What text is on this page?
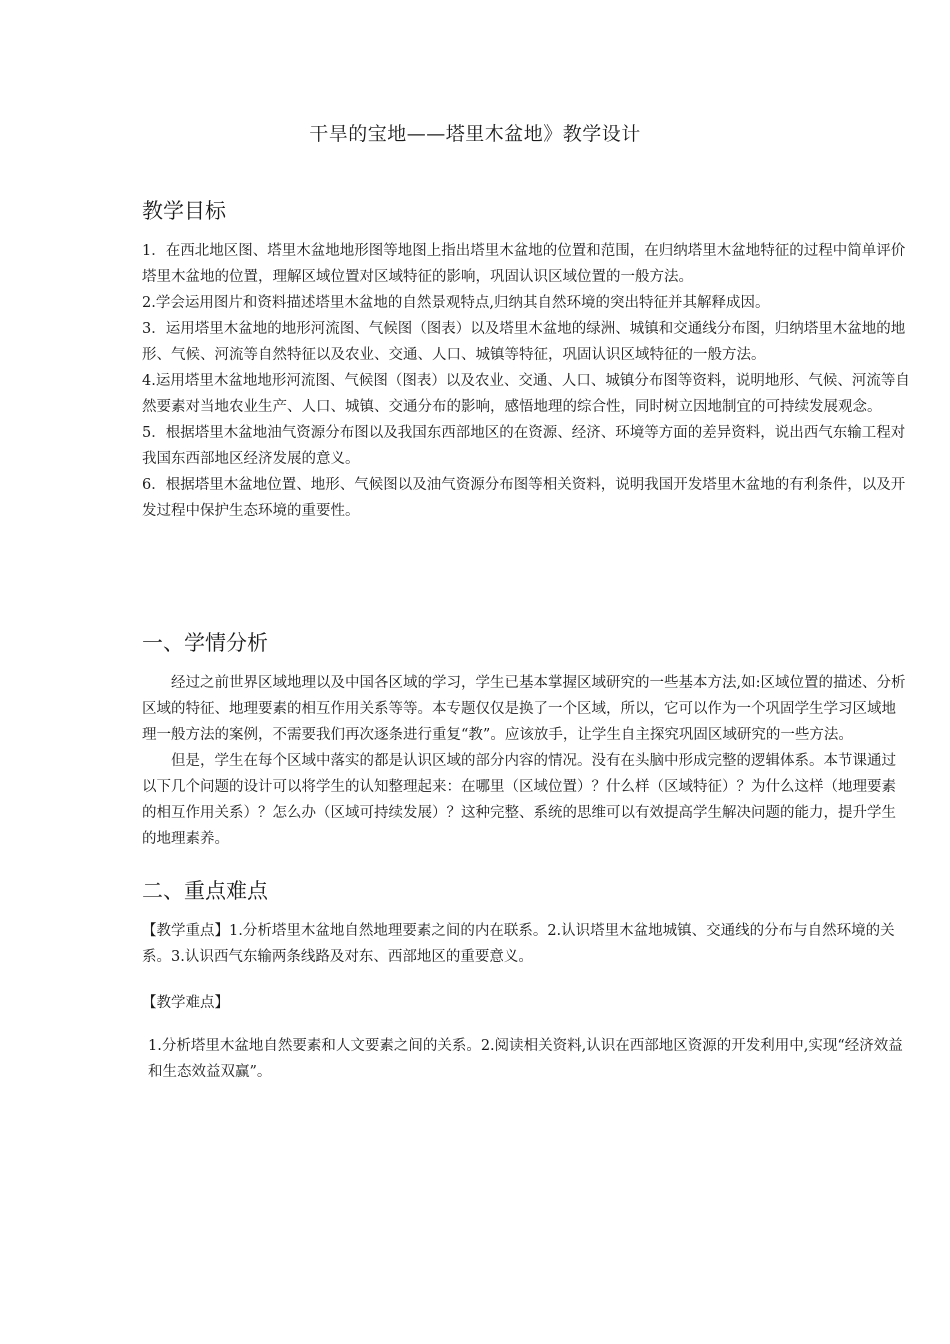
干旱的宝地——塔里木盆地》教学设计
教学目标

1．在西北地区图、塔里木盆地地形图等地图上指出塔里木盆地的位置和范围，在归纳塔里木盆地特征的过程中简单评价塔里木盆地的位置，理解区域位置对区域特征的影响，巩固认识区域位置的一般方法。

2.学会运用图片和资料描述塔里木盆地的自然景观特点,归纳其自然环境的突出特征并其解释成因。

3．运用塔里木盆地的地形河流图、气候图（图表）以及塔里木盆地的绿洲、城镇和交通线分布图，归纳塔里木盆地的地形、气候、河流等自然特征以及农业、交通、人口、城镇等特征，巩固认识区域特征的一般方法。

4.运用塔里木盆地地形河流图、气候图（图表）以及农业、交通、人口、城镇分布图等资料，说明地形、气候、河流等自然要素对当地农业生产、人口、城镇、交通分布的影响，感悟地理的综合性，同时树立因地制宜的可持续发展观念。

5．根据塔里木盆地油气资源分布图以及我国东西部地区的在资源、经济、环境等方面的差异资料，说出西气东输工程对我国东西部地区经济发展的意义。

6．根据塔里木盆地位置、地形、气候图以及油气资源分布图等相关资料，说明我国开发塔里木盆地的有利条件，以及开发过程中保护生态环境的重要性。

一、学情分析

经过之前世界区域地理以及中国各区域的学习，学生已基本掌握区域研究的一些基本方法,如:区域位置的描述、分析区域的特征、地理要素的相互作用关系等等。本专题仅仅是换了一个区域，所以，它可以作为一个巩固学生学习区域地理一般方法的案例，不需要我们再次逐条进行重复“教”。应该放手，让学生自主探究巩固区域研究的一些方法。

但是，学生在每个区域中落实的都是认识区域的部分内容的情况。没有在头脑中形成完整的逻辑体系。本节课通过以下几个问题的设计可以将学生的认知整理起来：在哪里（区域位置）？什么样（区域特征）？为什么这样（地理要素的相互作用关系）？怎么办（区域可持续发展）？这种完整、系统的思维可以有效提高学生解决问题的能力，提升学生的地理素养。

二、重点难点

【教学重点】1.分析塔里木盆地自然地理要素之间的内在联系。2.认识塔里木盆地城镇、交通线的分布与自然环境的关系。3.认识西气东输两条线路及对东、西部地区的重要意义。

【教学难点】

1.分析塔里木盆地自然要素和人文要素之间的关系。2.阅读相关资料,认识在西部地区资源的开发利用中,实现“经济效益和生态效益双赢”。
